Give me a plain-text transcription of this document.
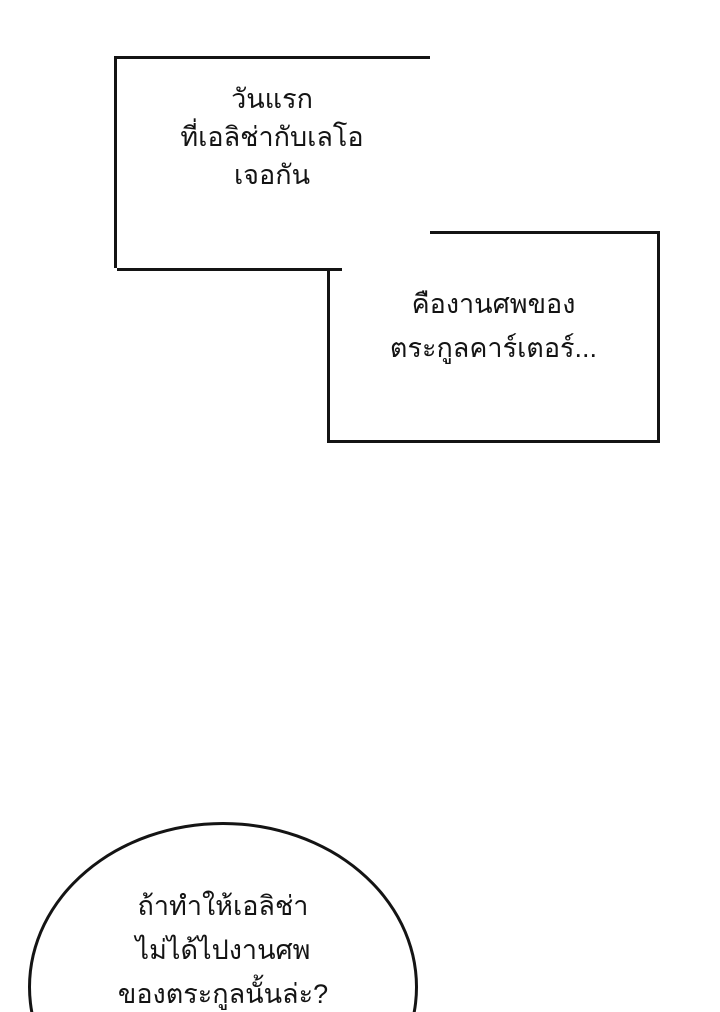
วันแรก
ที่เอลิช่ากับเลโอ
เจอกัน
คืองานศพของ
ตระกูลคาร์เตอร์...
ถ้าทำให้เอลิช่า
ไม่ได้ไปงานศพ
ของตระกูลนั้นล่ะ?
